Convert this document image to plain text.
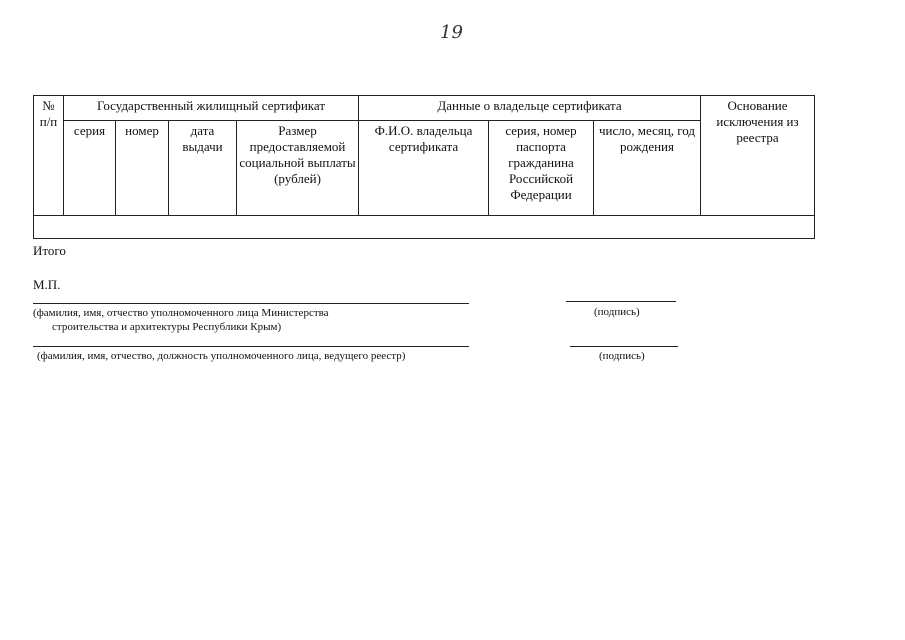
19
№ п/п	Государственный жилищный сертификат				Данные о владельце сертификата			Основание исключения из реестра
	серия	номер	дата выдачи	Размер предоставляемой социальной выплаты (рублей)	Ф.И.О. владельца сертификата	серия, номер паспорта гражданина Российской Федерации	число, месяц, год рождения	

Итого
М.П.
(фамилия, имя, отчество уполномоченного лица Министерства
строительства и архитектуры Республики Крым)
(подпись)
(фамилия, имя, отчество, должность уполномоченного лица, ведущего реестр)	(подпись)
